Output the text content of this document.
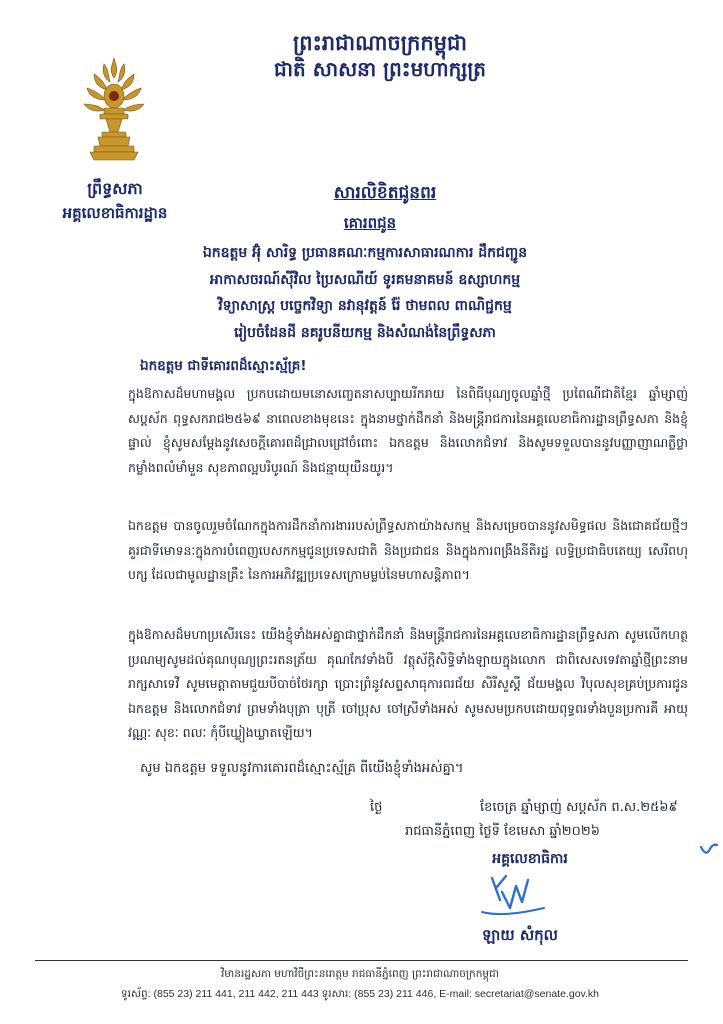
ព្រះរាជាណាចក្រកម្ពុជា
ជាតិ សាសនា ព្រះមហាក្សត្រ
ព្រឹទ្ធសភា
អគ្គលេខាធិការដ្ឋាន
សារលិខិតជូនពរ
គោរពជូន
ឯកឧត្តម អ៊ុំ សារិទ្ធ ប្រធានគណៈកម្មការសាធារណការ ដឹកជញ្ជូន
អាកាសចរណ៍ស៊ីវិល ប្រៃសណីយ៍ ទូរគមនាគមន៍ ឧស្សាហកម្ម
វិទ្យាសាស្ត្រ បច្ចេកវិទ្យា នវានុវត្តន៍ រ៉ែ ថាមពល ពាណិជ្ជកម្ម
រៀបចំដែនដី នគរូបនីយកម្ម និងសំណង់នៃព្រឹទ្ធសភា
ឯកឧត្តម ជាទីគោរពដ៏ស្មោះស្ម័គ្រ!
ក្នុងឱកាសដ៏មហាមង្គល ប្រកបដោយមនោសញ្ចេតនាសប្បាយរីករាយ នៃពិធីបុណ្យចូលឆ្នាំថ្មី ប្រពៃណីជាតិខ្មែរ ឆ្នាំម្សាញ់ សប្តស័ក ពុទ្ធសករាជ២៥៦៩ នាពេលខាងមុខនេះ ក្នុងនាមថ្នាក់ដឹកនាំ និងមន្ត្រីរាជការនៃអគ្គលេខាធិការដ្ឋានព្រឹទ្ធសភា និងខ្ញុំផ្ទាល់ ខ្ញុំសូមសម្តែងនូវសេចក្តីគោរពដ៏ជ្រាលជ្រៅចំពោះ ឯកឧត្តម និងលោកជំទាវ និងសូមទទួលបាននូវបញ្ញាញាណភ្លឺថ្លា កម្លាំងពលំមាំមួន សុខភាពល្អបរិបូរណ៍ និងជន្មាយុយឺនយូរ។
ឯកឧត្តម បានចូលរួមចំណែកក្នុងការដឹកនាំការងាររបស់ព្រឹទ្ធសភាយ៉ាងសកម្ម និងសម្រេចបាននូវសមិទ្ធផល និងជោគជ័យថ្មីៗគួរជាទីមោទនៈក្នុងការបំពេញបេសកកម្មជូនប្រទេសជាតិ និងប្រជាជន និងក្នុងការពង្រឹងនីតិរដ្ឋ លទ្ធិប្រជាធិបតេយ្យ សេរីពហុបក្ស ដែលជាមូលដ្ឋានគ្រឹះ នៃការអភិវឌ្ឍប្រទេសក្រោមម្លប់នៃមហាសន្តិភាព។
ក្នុងឱកាសដ៏មហាប្រសើរនេះ យើងខ្ញុំទាំងអស់គ្នាជាថ្នាក់ដឹកនាំ និងមន្ត្រីរាជការនៃអគ្គលេខាធិការដ្ឋានព្រឹទ្ធសភា សូមលើកហត្ថប្រណម្យសូមដល់គុណបុណ្យព្រះរតនត្រ័យ គុណកែវទាំងបី វត្ថុស័ក្តិសិទ្ធិទាំងឡាយក្នុងលោក ជាពិសេសទេវតាឆ្នាំថ្មីព្រះនាម រាក្សសាទេវី សូមមេត្តាតាមជួយបីបាច់ថែរក្សា ប្រោះព្រំនូវសព្ទសាធុការពរជ័យ សិរីសួស្តី ជ័យមង្គល វិបុលសុខគ្រប់ប្រការជូន ឯកឧត្តម និងលោកជំទាវ ព្រមទាំងបុត្រា បុត្រី ចៅប្រុស ចៅស្រីទាំងអស់ សូមសមប្រកបដោយពុទ្ធពរទាំងបួនប្រការគឺ អាយុ វណ្ណៈ សុខៈ ពលៈ កុំបីឃ្លៀងឃ្លាតឡើយ។
សូម ឯកឧត្តម ទទួលនូវការគោរពដ៏ស្មោះស្ម័គ្រ ពីយើងខ្ញុំទាំងអស់គ្នា។
ថ្ងៃ	ខែចេត្រ ឆ្នាំម្សាញ់ សប្តស័ក ព.ស.២៥៦៩
រាជធានីភ្នំពេញ ថ្ងៃទី ខែមេសា ឆ្នាំ២០២៦
អគ្គលេខាធិការ
ឡាយ សំកុល
វិមានរដ្ឋសភា មហាវិថីព្រះនរោត្តម រាជធានីភ្នំពេញ ព្រះរាជាណាចក្រកម្ពុជា
ទូរស័ព្ទ: (855 23) 211 441, 211 442, 211 443 ទូរសារ: (855 23) 211 446, E-mail: secretariat@senate.gov.kh
